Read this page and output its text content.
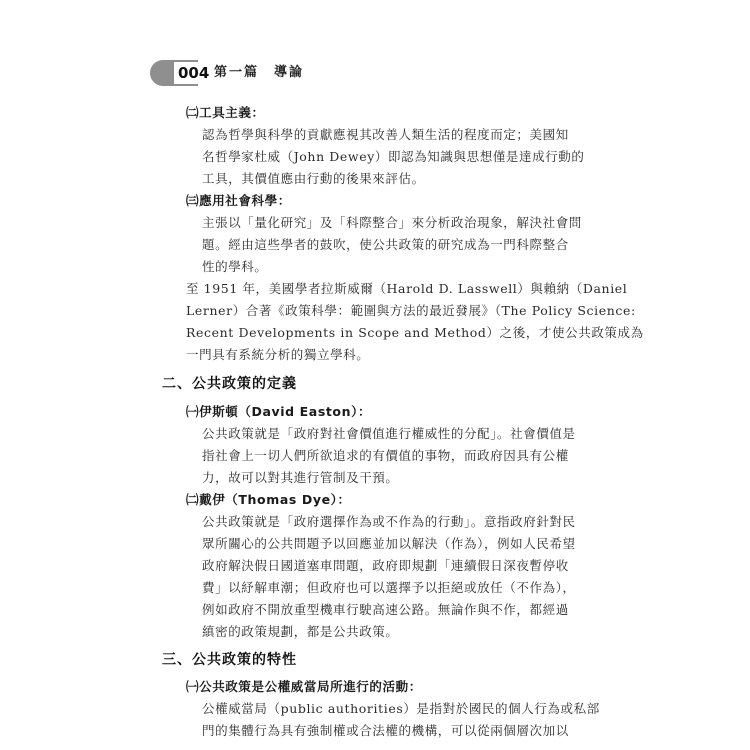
004 第一篇　導論
㈡工具主義：
認為哲學與科學的貢獻應視其改善人類生活的程度而定；美國知
名哲學家杜威（John Dewey）即認為知識與思想僅是達成行動的
工具，其價值應由行動的後果來評估。
㈢應用社會科學：
主張以「量化研究」及「科際整合」來分析政治現象，解決社會問
題。經由這些學者的鼓吹，使公共政策的研究成為一門科際整合
性的學科。
至 1951 年，美國學者拉斯威爾（Harold D. Lasswell）與賴納（Daniel
Lerner）合著《政策科學：範圍與方法的最近發展》（The Policy Science:
Recent Developments in Scope and Method）之後，才使公共政策成為
一門具有系統分析的獨立學科。
二、公共政策的定義
㈠伊斯頓（David Easton）：
公共政策就是「政府對社會價值進行權威性的分配」。社會價值是
指社會上一切人們所欲追求的有價值的事物，而政府因具有公權
力，故可以對其進行管制及干預。
㈡戴伊（Thomas Dye）：
公共政策就是「政府選擇作為或不作為的行動」。意指政府針對民
眾所關心的公共問題予以回應並加以解決（作為），例如人民希望
政府解決假日國道塞車問題，政府即規劃「連續假日深夜暫停收
費」以紓解車潮；但政府也可以選擇予以拒絕或放任（不作為），
例如政府不開放重型機車行駛高速公路。無論作與不作，都經過
縝密的政策規劃，都是公共政策。
三、公共政策的特性
㈠公共政策是公權威當局所進行的活動：
公權威當局（public authorities）是指對於國民的個人行為或私部
門的集體行為具有強制權或合法權的機構，可以從兩個層次加以
